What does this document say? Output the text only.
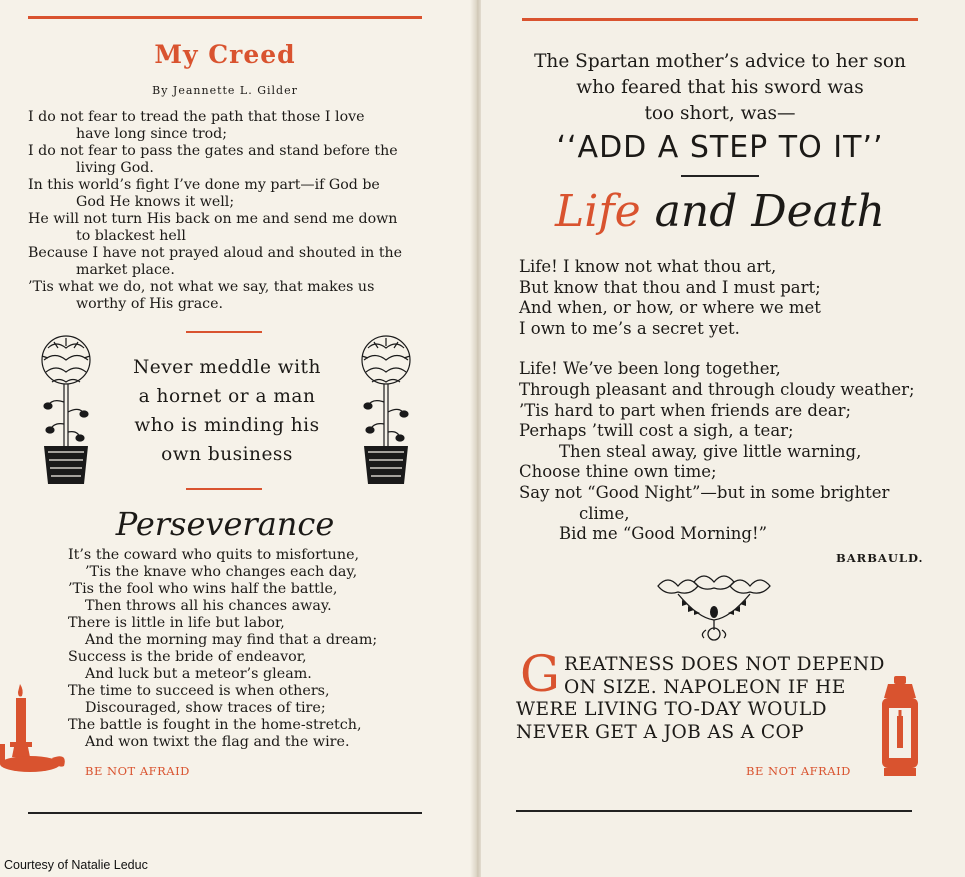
My Creed
By Jeannette L. Gilder
I do not fear to tread the path that those I love
have long since trod;
I do not fear to pass the gates and stand before the
living God.
In this world’s fight I’ve done my part—if God be
God He knows it well;
He will not turn His back on me and send me down
to blackest hell
Because I have not prayed aloud and shouted in the
market place.
’Tis what we do, not what we say, that makes us
worthy of His grace.
Never meddle with
a hornet or a man
who is minding his
own business
Perseverance
It’s the coward who quits to misfortune,
’Tis the knave who changes each day,
’Tis the fool who wins half the battle,
Then throws all his chances away.
There is little in life but labor,
And the morning may find that a dream;
Success is the bride of endeavor,
And luck but a meteor’s gleam.
The time to succeed is when others,
Discouraged, show traces of tire;
The battle is fought in the home-stretch,
And won twixt the flag and the wire.
BE NOT AFRAID
Courtesy of Natalie Leduc
The Spartan mother’s advice to her son
who feared that his sword was
too short, was—
‘‘ADD A STEP TO IT’’
Life and Death
Life! I know not what thou art,
But know that thou and I must part;
And when, or how, or where we met
I own to me’s a secret yet.
Life! We’ve been long together,
Through pleasant and through cloudy weather;
’Tis hard to part when friends are dear;
Perhaps ’twill cost a sigh, a tear;
Then steal away, give little warning,
Choose thine own time;
Say not “Good Night”—but in some brighter
clime,
Bid me “Good Morning!”
BARBAULD.
G REATNESS DOES NOT DEPEND
ON SIZE. NAPOLEON IF HE
WERE LIVING TO-DAY WOULD
NEVER GET A JOB AS A COP
BE NOT AFRAID
